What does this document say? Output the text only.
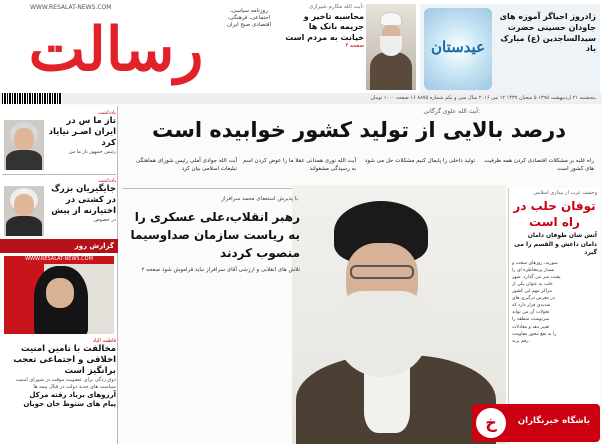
WWW.RESALAT-NEWS.COM
رسالت
روزنامه سیاسی، اجتماعی، فرهنگی، اقتصادی صبح ایران
آیت الله مکارم شیرازی:
محاسبه تاخیر و جریمه بانک ها خیانت به مردم است
صفحه ۴	عیدستان
زادروز احیاگر آموزه های جاودان حسینی حضرت سیدالساجدین (ع) مبارک باد
پنجشنبه ۲۱ اردیبهشت ۱۳۹۵ ۵ شعبان ۱۴۳۷ ۱۲ می ۲۰۱۶ سال سی و یکم شماره ۸۸۷۵ ۱۶ صفحه ۱۰۰۰ تومان
یادداشت
تاز ما س در ایران اصـر نیایاد کرد
رئیس جمهور تاز ما س
یادداشت
جایگیریان بزرگ در کشتی در اختیارنه از پیش
در خصوص
گزارش روز
WWW.RESALAT-NEWS.COM
فاطمه الیاد
مخالفت با تامین امنیت اخلاقی و اجتماعی تعجب برانگیز است
ذوق زدگی برای عضویت موقت در شورای امنیت
سیاست های جدید دولت در قبال بیمه ها
آرزوهای برباد رفته مرکل
پیام های ستوط خان جوبان
آیت الله علوی گرگانی:
درصد بالایی از تولید کشور خوابیده است
راه غلبه بر مشکلات اقتصادی کردن همه ظرفیت های کشور است
تولید داخلی را پایمال کنیم مشکلات حل می شود
آیت الله نوری همدانی عقلا ما را عوض کردن اسم به رسیدگی مشغولند
آیت الله جوادی آملی رئیس شورای هماهنگی تبلیغات اسلامی بیان کرد
با پذیرش استعفای محمد سرافراز
رهبر انقلاب،علی عسکری را به ریاست سازمان صداوسیما منصوب کردند
تلاش های انقلابی و ارزشی آقای سرافراز نباید فراموش شود صفحه ۲
وحشت غرب از بیداری اسلامی
توفان حلب در راه است
آتش شان طوفان دامان دامان داعش و القسم را می گیرد
سوریه، روزهای سخت و
بسیار پرمخاطره ای را
پشت سر می گذارد. شهر
حلب به عنوان یکی از
مراکز مهم این کشور
در معرض درگیری های
شدیدی قرار دارد که
تحولات آن می تواند
سرنوشت منطقه را
تغییر دهد و معادلات
را به نفع محور مقاومت
رقم بزند.
خ	باشگاه خبرنگاران
